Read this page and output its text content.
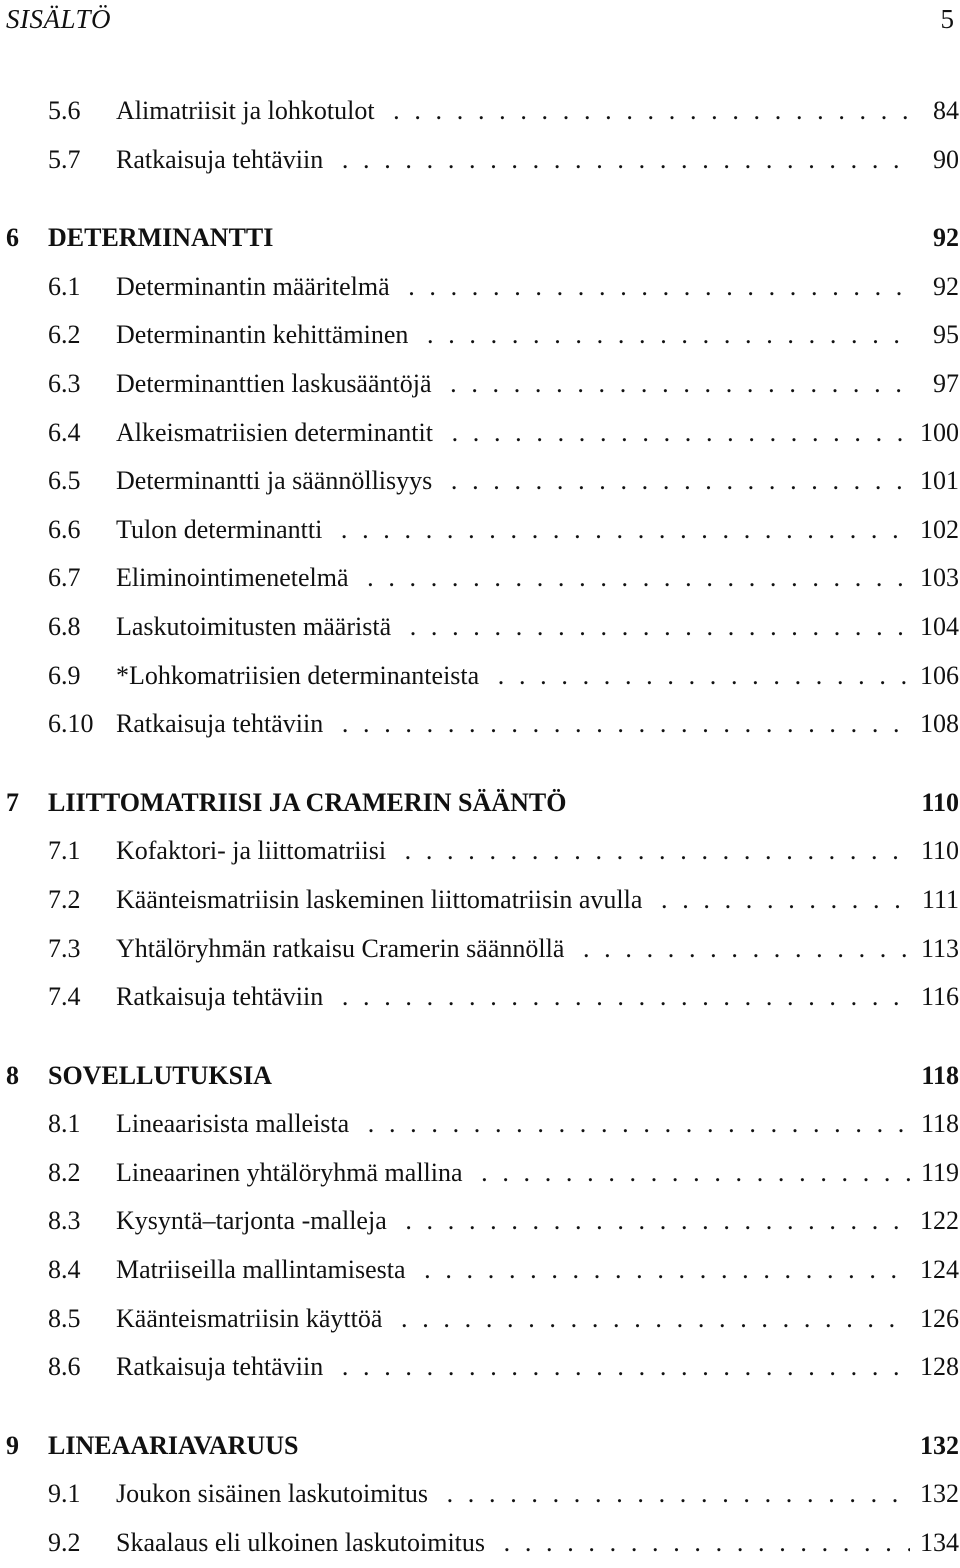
SISÄLTÖ	5
5.6 Alimatriisit ja lohkotulot . . .	84
5.7 Ratkaisuja tehtäviin . . .	90
6 DETERMINANTTI	92
6.1 Determinantin määritelmä . . .	92
6.2 Determinantin kehittäminen . . .	95
6.3 Determinanttien laskusääntöjä . . .	97
6.4 Alkeismatriisien determinantit . . .	100
6.5 Determinantti ja säännöllisyys . . .	101
6.6 Tulon determinantti . . .	102
6.7 Eliminointimenetelmä . . .	103
6.8 Laskutoimitusten määristä . . .	104
6.9 *Lohkomatriisien determinanteista . . .	106
6.10 Ratkaisuja tehtäviin . . .	108
7 LIITTOMATRIISI JA CRAMERIN SÄÄNTÖ	110
7.1 Kofaktori- ja liittomatriisi . . .	110
7.2 Käänteismatriisin laskeminen liittomatriisin avulla . . .	111
7.3 Yhtälöryhmän ratkaisu Cramerin säännöllä . . .	113
7.4 Ratkaisuja tehtäviin . . .	116
8 SOVELLUTUKSIA	118
8.1 Lineaarisista malleista . . .	118
8.2 Lineaarinen yhtälöryhmä mallina . . .	119
8.3 Kysyntä–tarjonta -malleja . . .	122
8.4 Matriiseilla mallintamisesta . . .	124
8.5 Käänteismatriisin käyttöä . . .	126
8.6 Ratkaisuja tehtäviin . . .	128
9 LINEAARIAVARUUS	132
9.1 Joukon sisäinen laskutoimitus . . .	132
9.2 Skaalaus eli ulkoinen laskutoimitus . . .	134
